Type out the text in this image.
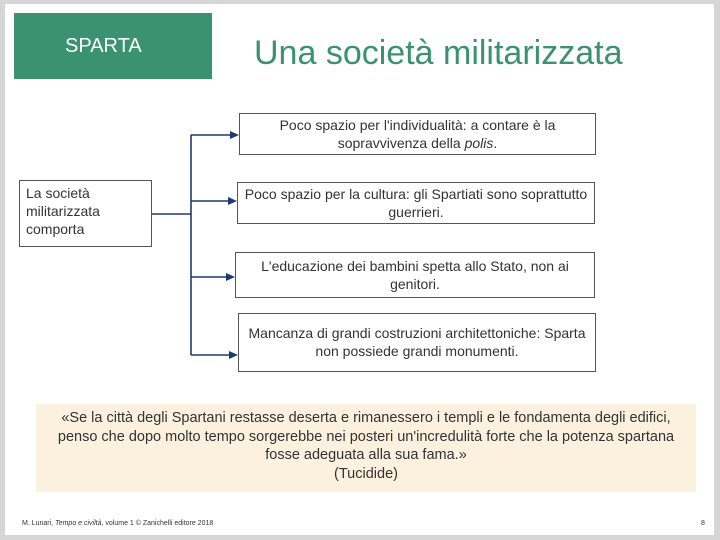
SPARTA	Una società militarizzata
La società militarizzata comporta
Poco spazio per l'individualità: a contare è la sopravvivenza della polis.
Poco spazio per la cultura: gli Spartiati sono soprattutto guerrieri.
L'educazione dei bambini spetta allo Stato, non ai genitori.
Mancanza di grandi costruzioni architettoniche: Sparta non possiede grandi monumenti.
«Se la città degli Spartani restasse deserta e rimanessero i templi e le fondamenta degli edifici, penso che dopo molto tempo sorgerebbe nei posteri un'incredulità forte che la potenza spartana fosse adeguata alla sua fama.»
(Tucidide)
M. Lunari, Tempo e civiltà, volume 1 © Zanichelli editore 2018	8
